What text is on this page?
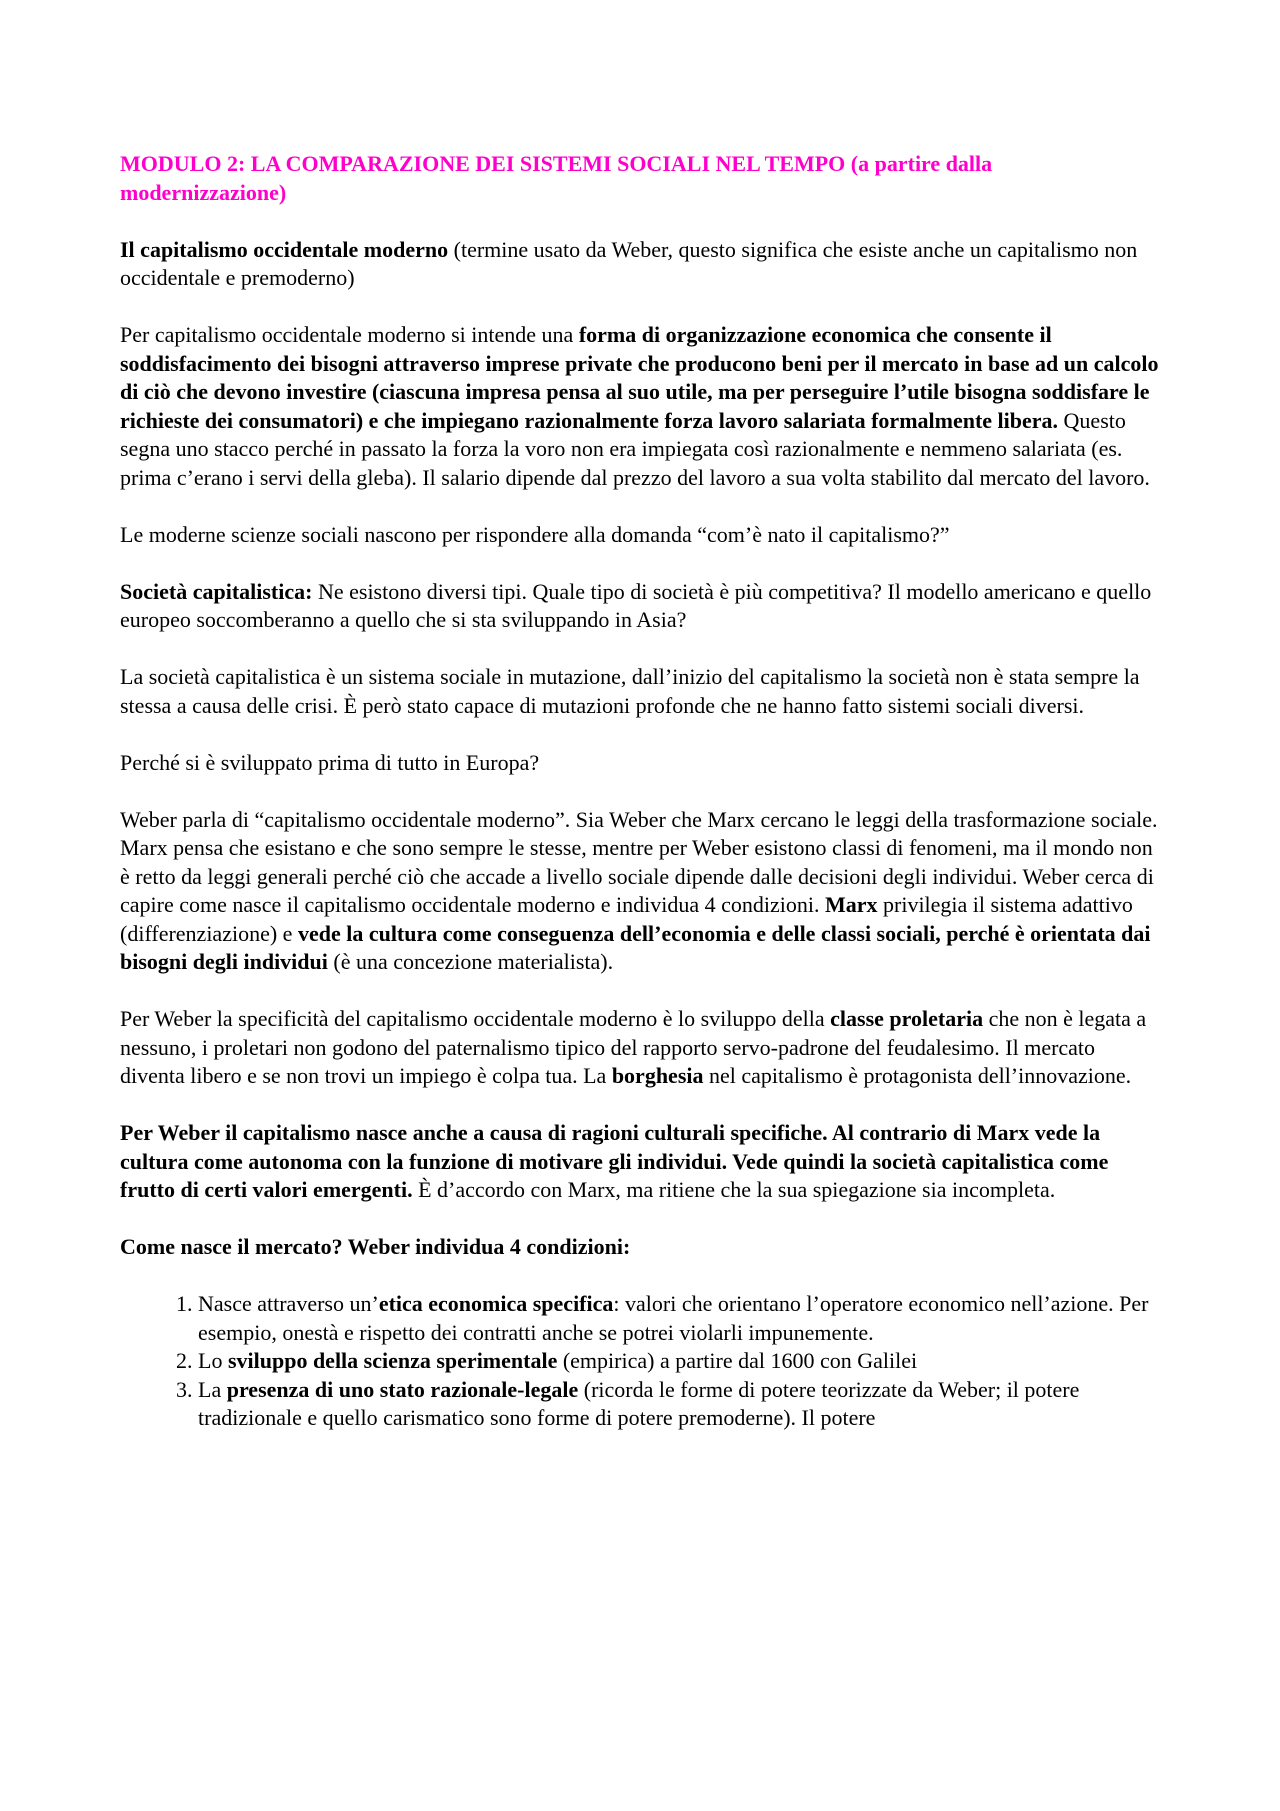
MODULO 2: LA COMPARAZIONE DEI SISTEMI SOCIALI NEL TEMPO (a partire dalla modernizzazione)

Il capitalismo occidentale moderno (termine usato da Weber, questo significa che esiste anche un capitalismo non occidentale e premoderno)

Per capitalismo occidentale moderno si intende una forma di organizzazione economica che consente il soddisfacimento dei bisogni attraverso imprese private che producono beni per il mercato in base ad un calcolo di ciò che devono investire (ciascuna impresa pensa al suo utile, ma per perseguire l’utile bisogna soddisfare le richieste dei consumatori) e che impiegano razionalmente forza lavoro salariata formalmente libera. Questo segna uno stacco perché in passato la forza la voro non era impiegata così razionalmente e nemmeno salariata (es. prima c’erano i servi della gleba). Il salario dipende dal prezzo del lavoro a sua volta stabilito dal mercato del lavoro.

Le moderne scienze sociali nascono per rispondere alla domanda “com’è nato il capitalismo?”

Società capitalistica: Ne esistono diversi tipi. Quale tipo di società è più competitiva? Il modello americano e quello europeo soccomberanno a quello che si sta sviluppando in Asia?

La società capitalistica è un sistema sociale in mutazione, dall’inizio del capitalismo la società non è stata sempre la stessa a causa delle crisi. È però stato capace di mutazioni profonde che ne hanno fatto sistemi sociali diversi.

Perché si è sviluppato prima di tutto in Europa?

Weber parla di “capitalismo occidentale moderno”. Sia Weber che Marx cercano le leggi della trasformazione sociale. Marx pensa che esistano e che sono sempre le stesse, mentre per Weber esistono classi di fenomeni, ma il mondo non è retto da leggi generali perché ciò che accade a livello sociale dipende dalle decisioni degli individui. Weber cerca di capire come nasce il capitalismo occidentale moderno e individua 4 condizioni. Marx privilegia il sistema adattivo (differenziazione) e vede la cultura come conseguenza dell’economia e delle classi sociali, perché è orientata dai bisogni degli individui (è una concezione materialista).

Per Weber la specificità del capitalismo occidentale moderno è lo sviluppo della classe proletaria che non è legata a nessuno, i proletari non godono del paternalismo tipico del rapporto servo-padrone del feudalesimo. Il mercato diventa libero e se non trovi un impiego è colpa tua. La borghesia nel capitalismo è protagonista dell’innovazione.

Per Weber il capitalismo nasce anche a causa di ragioni culturali specifiche. Al contrario di Marx vede la cultura come autonoma con la funzione di motivare gli individui. Vede quindi la società capitalistica come frutto di certi valori emergenti. È d’accordo con Marx, ma ritiene che la sua spiegazione sia incompleta.

Come nasce il mercato? Weber individua 4 condizioni:

1. Nasce attraverso un’etica economica specifica: valori che orientano l’operatore economico nell’azione. Per esempio, onestà e rispetto dei contratti anche se potrei violarli impunemente.
2. Lo sviluppo della scienza sperimentale (empirica) a partire dal 1600 con Galilei
3. La presenza di uno stato razionale-legale (ricorda le forme di potere teorizzate da Weber; il potere tradizionale e quello carismatico sono forme di potere premoderne). Il potere
